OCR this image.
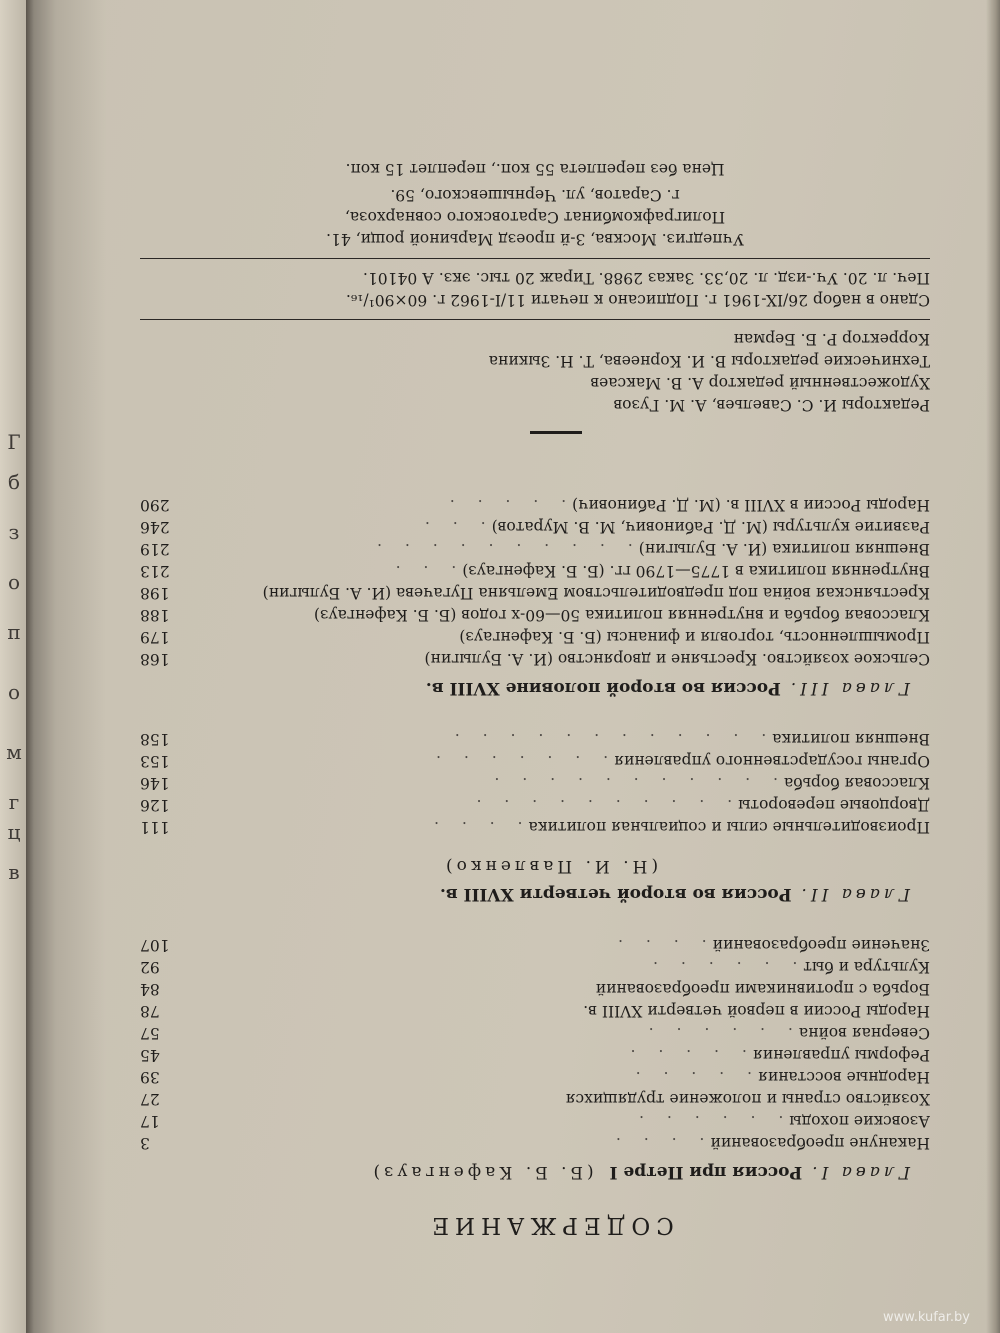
в
ц
г
м
о
п
о
з
б
Г
СОДЕРЖАНИЕ
Глава I. Россия при Петре I (Б. Б. Кафенгауз)
Накануне преобразований. . . .
3
Азовские походы. . . . . .
17
Хозяйство страны и положение трудящихся
27
Народные восстания. . . . .
39
Реформы управления. . . . .
45
Северная война. . . . . .
57
Народы России в первой четверти XVIII в.
78
Борьба с противниками преобразований
84
Культура и быт. . . . . .
92
Значение преобразований. . . .
107
Глава II. Россия во второй четверти XVIII в.
(Н. И. Павленко)
Производительные силы и социальная политика. . . .
111
Дворцовые перевороты. . . . . . . . . .
126
Классовая борьба. . . . . . . . . . .
146
Органы государственного управления. . . . . . .
153
Внешняя политика. . . . . . . . . . . .
158
Глава III. Россия во второй половине XVIII в.
Сельское хозяйство. Крестьяне и дворянство (И. А. Булыгин)
168
Промышленность, торговля и финансы (Б. Б. Кафенгауз)
179
Классовая борьба и внутренняя политика 50—60-х годов (Б. Б. Кафенгауз)
188
Крестьянская война под предводительством Емельяна Пугачева (И. А. Булыгин)
198
Внутренняя политика в 1775—1790 гг. (Б. Б. Кафенгауз). . .
213
Внешняя политика (И. А. Булыгин). . . . . . . . . .
219
Развитие культуры (М. Д. Рабинович, М. В. Муратов). . .
246
Народы России в XVIII в. (М. Д. Рабинович). . . . .
290
Редакторы И. С. Савельев, А. М. Гузов
Художественный редактор А. В. Максаев
Технические редакторы В. И. Корнеева, Т. Н. Зыкина
Корректор Р. Б. Берман
Сдано в набор 26/IX-1961 г. Подписано к печати 11/I-1962 г. 60×90¹/₁₆.
Печ. л. 20. Уч.-изд. л. 20,33. Заказ 2988. Тираж 20 тыс. экз. А 04101.
Учпедгиз. Москва, 3-й проезд Марьиной рощи, 41.
Полиграфкомбинат Саратовского совнархоза,
г. Саратов, ул. Чернышевского, 59.
Цена без переплета 55 коп., переплет 15 коп.
www.kufar.by
